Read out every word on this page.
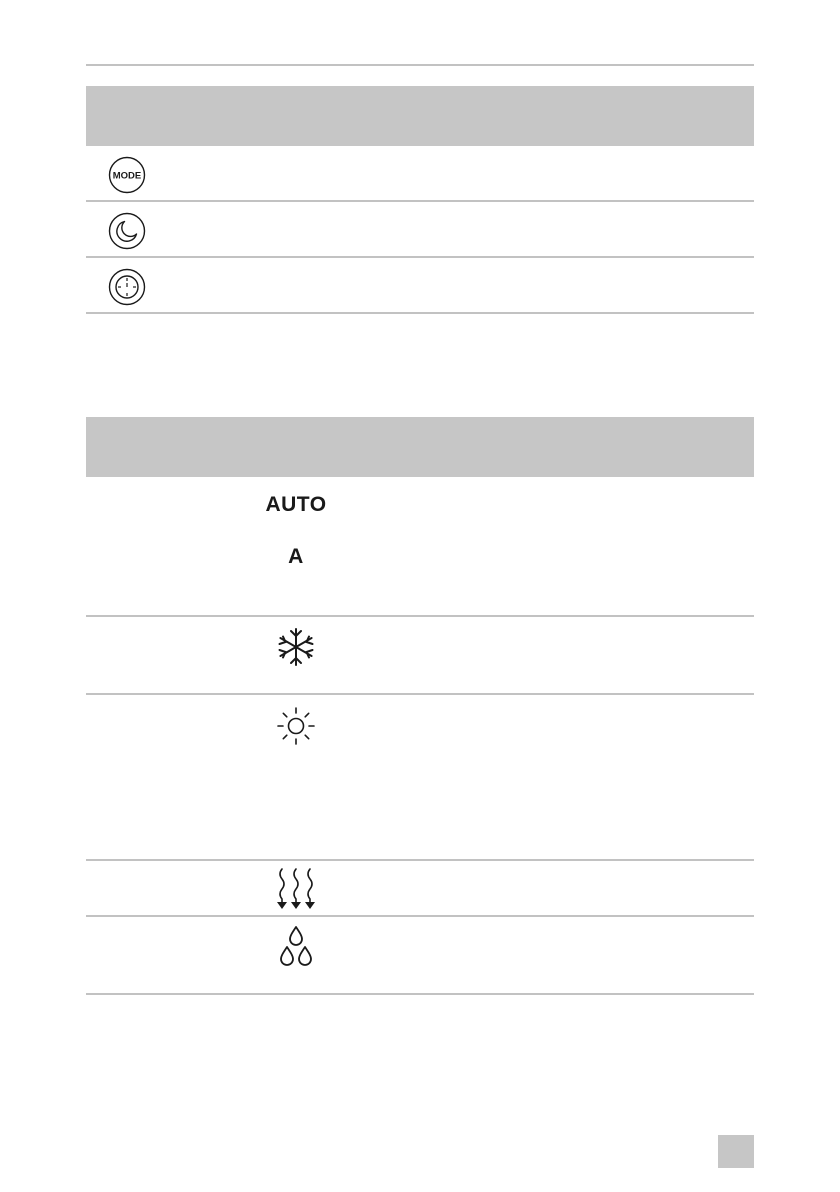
MODE
AUTO
A
